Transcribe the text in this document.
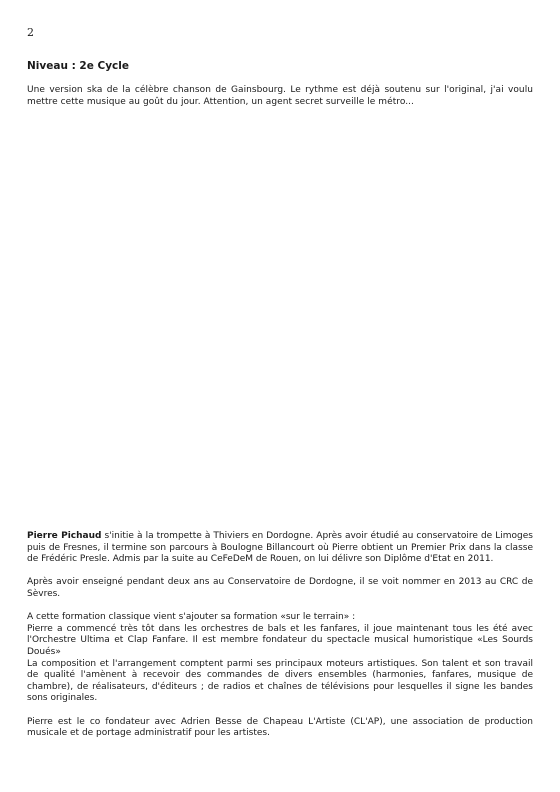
2
Niveau : 2e Cycle
Une version ska de la célèbre chanson de Gainsbourg. Le rythme est déjà soutenu sur l'original, j'ai voulu mettre cette musique au goût du jour. Attention, un agent secret surveille le métro...

Pierre Pichaud s'initie à la trompette à Thiviers en Dordogne. Après avoir étudié au conservatoire de Limoges puis de Fresnes, il termine son parcours à Boulogne Billancourt où Pierre obtient un Premier Prix dans la classe de Frédéric Presle. Admis par la suite au CeFeDeM de Rouen, on lui délivre son Diplôme d'Etat en 2011.

Après avoir enseigné pendant deux ans au Conservatoire de Dordogne, il se voit nommer en 2013 au CRC de Sèvres.

A cette formation classique vient s'ajouter sa formation «sur le terrain» :
Pierre a commencé très tôt dans les orchestres de bals et les fanfares, il joue maintenant tous les été avec l'Orchestre Ultima et Clap Fanfare. Il est membre fondateur du spectacle musical humoristique «Les Sourds Doués»
La composition et l'arrangement comptent parmi ses principaux moteurs artistiques. Son talent et son travail de qualité l'amènent à recevoir des commandes de divers ensembles (harmonies, fanfares, musique de chambre), de réalisateurs, d'éditeurs ; de radios et chaînes de télévisions pour lesquelles il signe les bandes sons originales.

Pierre est le co fondateur avec Adrien Besse de Chapeau L'Artiste (CL'AP), une association de production musicale et de portage administratif pour les artistes.
